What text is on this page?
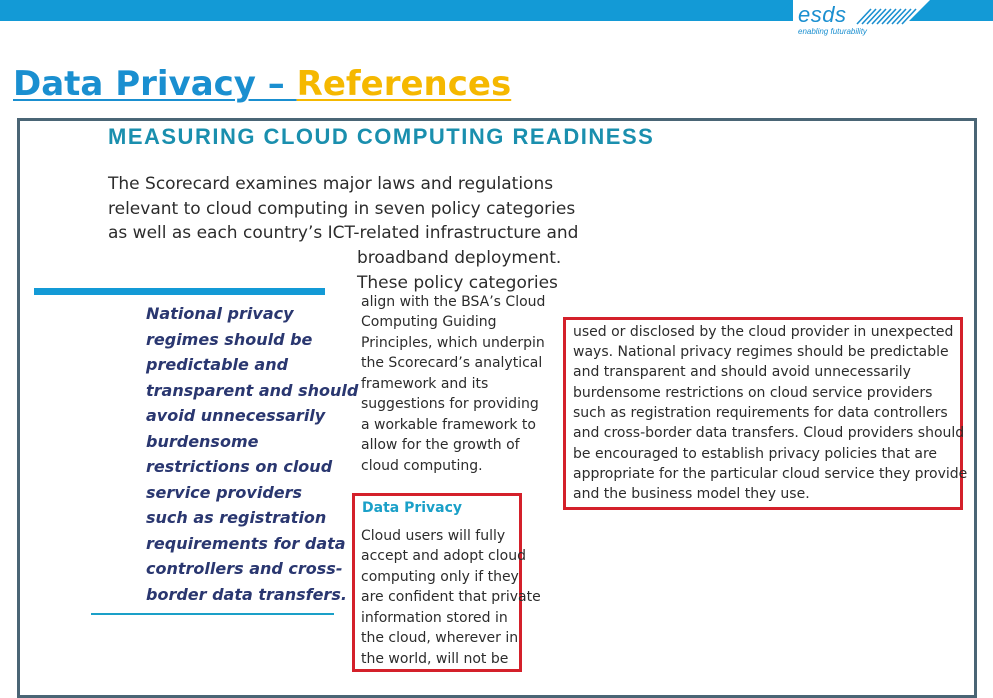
esds
enabling futurability
Data Privacy – References
MEASURING CLOUD COMPUTING READINESS

The Scorecard examines major laws and regulations

relevant to cloud computing in seven policy categories

as well as each country’s ICT-related infrastructure and

broadband deployment.

These policy categories

National privacy

regimes should be

predictable and

transparent and should

avoid unnecessarily

burdensome

restrictions on cloud

service providers

such as registration

requirements for data

controllers and cross-

border data transfers.

align with the BSA’s Cloud

Computing Guiding

Principles, which underpin

the Scorecard’s analytical

framework and its

suggestions for providing

a workable framework to

allow for the growth of

cloud computing.

Data Privacy

Cloud users will fully

accept and adopt cloud

computing only if they

are confident that private

information stored in

the cloud, wherever in

the world, will not be

used or disclosed by the cloud provider in unexpected

ways. National privacy regimes should be predictable

and transparent and should avoid unnecessarily

burdensome restrictions on cloud service providers

such as registration requirements for data controllers

and cross-border data transfers. Cloud providers should

be encouraged to establish privacy policies that are

appropriate for the particular cloud service they provide

and the business model they use.
